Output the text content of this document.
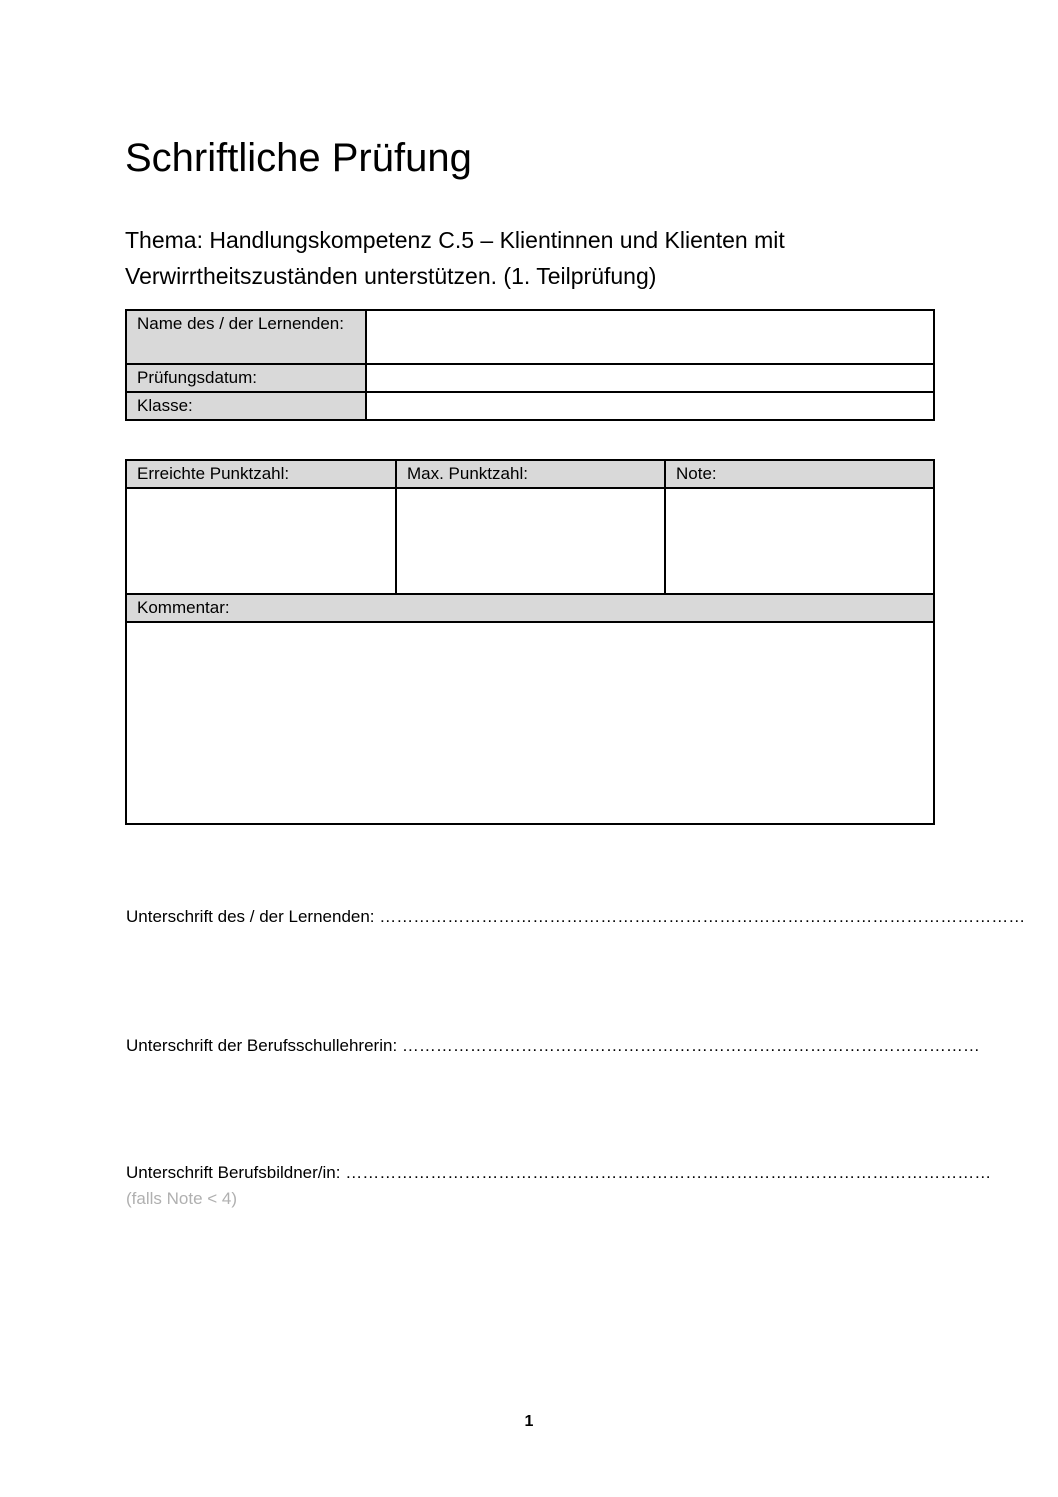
Schriftliche Prüfung
Thema: Handlungskompetenz C.5 – Klientinnen und Klienten mit Verwirrtheitszuständen unterstützen. (1. Teilprüfung)
Name des / der Lernenden:	
Prüfungsdatum:	
Klasse:	
Erreichte Punktzahl:	Max. Punktzahl:	Note:

Kommentar:		

Unterschrift des / der Lernenden: ……………………………………………………………………………………………………
Unterschrift der Berufsschullehrerin: …………………………………………………………………………………………
Unterschrift Berufsbildner/in: ……………………………………………………………………………………………………
(falls Note < 4)
1
